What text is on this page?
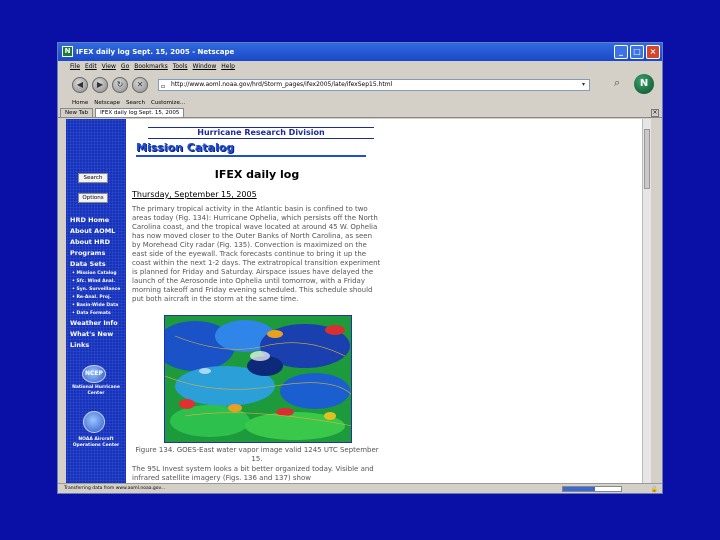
N IFEX daily log Sept. 15, 2005 - Netscape	_	□	×
File Edit View Go Bookmarks Tools Window Help
◀	▶	↻	✕	▫ http://www.aoml.noaa.gov/hrd/Storm_pages/ifex2005/late/ifexSep15.html	▾	⌕	N
Home Netscape Search Customize...
New Tab	IFEX daily log Sept. 15, 2005	×
Search
Options
HRD Home
About AOML
About HRD
Programs
Data Sets
• Mission Catalog
• Sfc. Wind Anal.
• Syn. Surveillance
• Re-Anal. Proj.
• Basin-Wide Data
• Data Formats
Weather Info
What's New
Links
NCEP
National Hurricane Center
NOAA Aircraft Operations Center
Hurricane Research Division
Mission Catalog
IFEX daily log
Thursday, September 15, 2005
The primary tropical activity in the Atlantic basin is confined to two areas today (Fig. 134): Hurricane Ophelia, which persists off the North Carolina coast, and the tropical wave located at around 45 W. Ophelia has now moved closer to the Outer Banks of North Carolina, as seen by Morehead City radar (Fig. 135). Convection is maximized on the east side of the eyewall. Track forecasts continue to bring it up the coast within the next 1-2 days. The extratropical transition experiment is planned for Friday and Saturday. Airspace issues have delayed the launch of the Aerosonde into Ophelia until tomorrow, with a Friday morning takeoff and Friday evening scheduled. This schedule should put both aircraft in the storm at the same time.
Figure 134. GOES-East water vapor image valid 1245 UTC September 15.
The 95L Invest system looks a bit better organized today. Visible and infrared satellite imagery (Figs. 136 and 137) show
Transferring data from www.aoml.noaa.gov...	🔓
